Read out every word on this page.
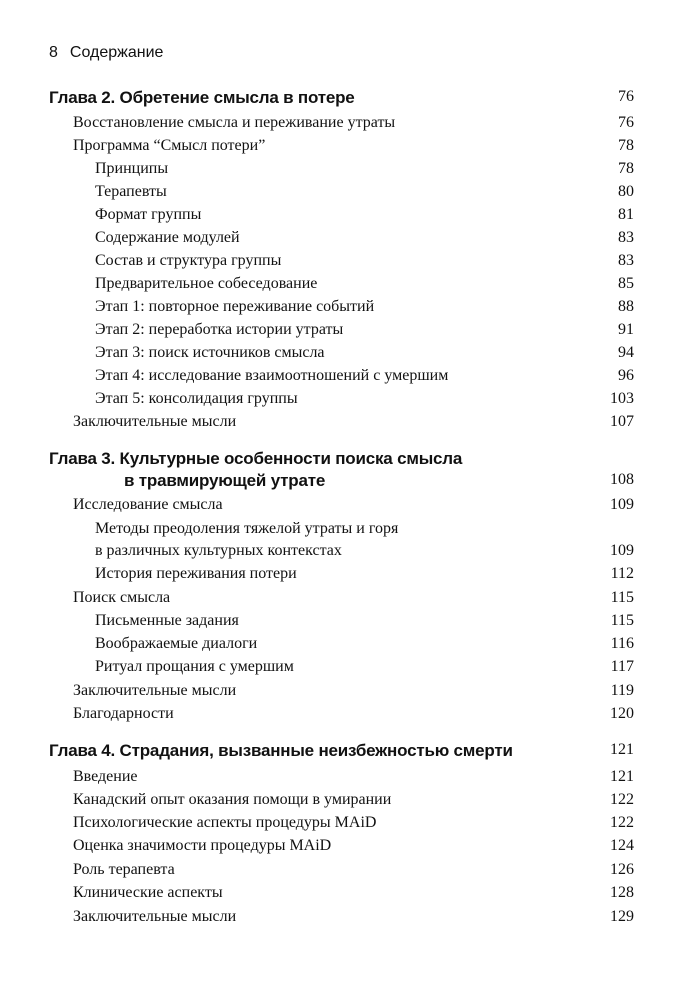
8 Содержание
Глава 2. Обретение смысла в потере	76
Восстановление смысла и переживание утраты	76
Программа “Смысл потери”	78
Принципы	78
Терапевты	80
Формат группы	81
Содержание модулей	83
Состав и структура группы	83
Предварительное собеседование	85
Этап 1: повторное переживание событий	88
Этап 2: переработка истории утраты	91
Этап 3: поиск источников смысла	94
Этап 4: исследование взаимоотношений с умершим	96
Этап 5: консолидация группы	103
Заключительные мысли	107
Глава 3. Культурные особенности поиска смысла
в травмирующей утрате	108
Исследование смысла	109
Методы преодоления тяжелой утраты и горя
в различных культурных контекстах	109
История переживания потери	112
Поиск смысла	115
Письменные задания	115
Воображаемые диалоги	116
Ритуал прощания с умершим	117
Заключительные мысли	119
Благодарности	120
Глава 4. Страдания, вызванные неизбежностью смерти	121
Введение	121
Канадский опыт оказания помощи в умирании	122
Психологические аспекты процедуры MAiD	122
Оценка значимости процедуры MAiD	124
Роль терапевта	126
Клинические аспекты	128
Заключительные мысли	129
